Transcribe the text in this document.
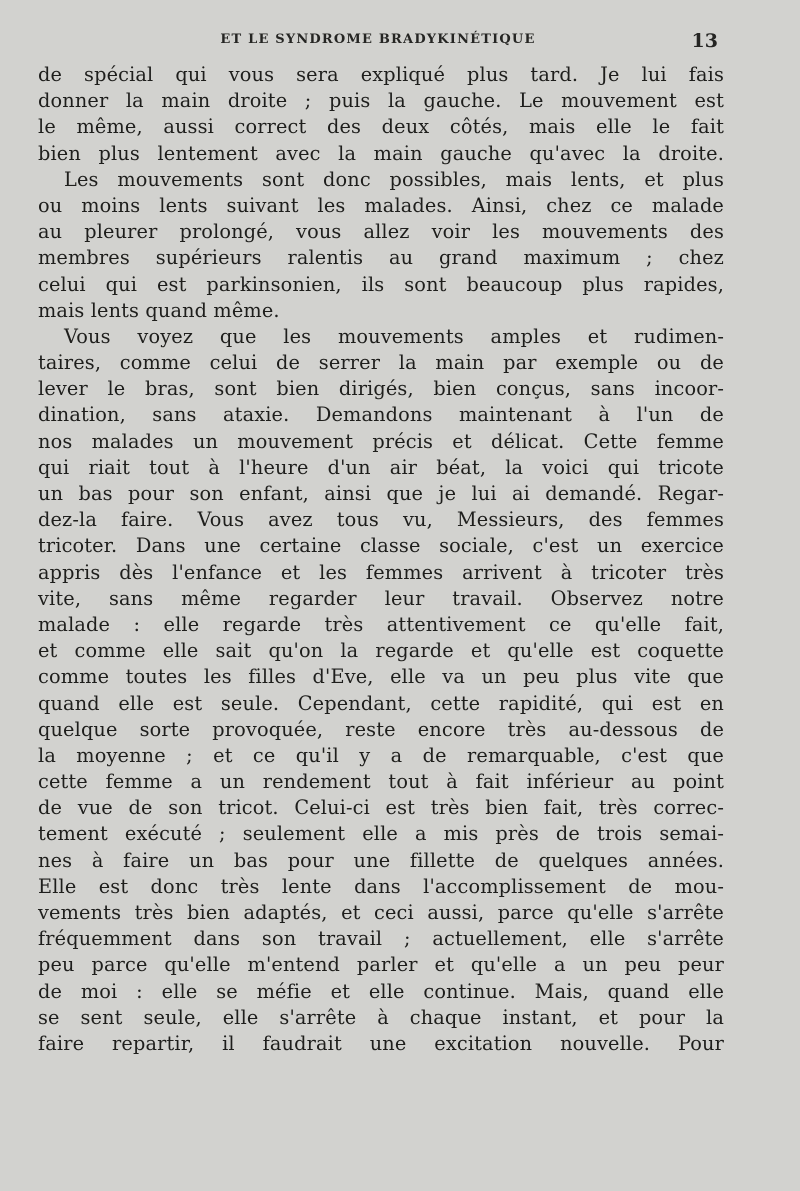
ET LE SYNDROME BRADYKINÉTIQUE	13
de spécial qui vous sera expliqué plus tard. Je lui fais
donner la main droite ; puis la gauche. Le mouvement est
le même, aussi correct des deux côtés, mais elle le fait
bien plus lentement avec la main gauche qu'avec la droite.
Les mouvements sont donc possibles, mais lents, et plus
ou moins lents suivant les malades. Ainsi, chez ce malade
au pleurer prolongé, vous allez voir les mouvements des
membres supérieurs ralentis au grand maximum ; chez
celui qui est parkinsonien, ils sont beaucoup plus rapides,
mais lents quand même.
Vous voyez que les mouvements amples et rudimen-
taires, comme celui de serrer la main par exemple ou de
lever le bras, sont bien dirigés, bien conçus, sans incoor-
dination, sans ataxie. Demandons maintenant à l'un de
nos malades un mouvement précis et délicat. Cette femme
qui riait tout à l'heure d'un air béat, la voici qui tricote
un bas pour son enfant, ainsi que je lui ai demandé. Regar-
dez-la faire. Vous avez tous vu, Messieurs, des femmes
tricoter. Dans une certaine classe sociale, c'est un exercice
appris dès l'enfance et les femmes arrivent à tricoter très
vite, sans même regarder leur travail. Observez notre
malade : elle regarde très attentivement ce qu'elle fait,
et comme elle sait qu'on la regarde et qu'elle est coquette
comme toutes les filles d'Eve, elle va un peu plus vite que
quand elle est seule. Cependant, cette rapidité, qui est en
quelque sorte provoquée, reste encore très au-dessous de
la moyenne ; et ce qu'il y a de remarquable, c'est que
cette femme a un rendement tout à fait inférieur au point
de vue de son tricot. Celui-ci est très bien fait, très correc-
tement exécuté ; seulement elle a mis près de trois semai-
nes à faire un bas pour une fillette de quelques années.
Elle est donc très lente dans l'accomplissement de mou-
vements très bien adaptés, et ceci aussi, parce qu'elle s'arrête
fréquemment dans son travail ; actuellement, elle s'arrête
peu parce qu'elle m'entend parler et qu'elle a un peu peur
de moi : elle se méfie et elle continue. Mais, quand elle
se sent seule, elle s'arrête à chaque instant, et pour la
faire repartir, il faudrait une excitation nouvelle. Pour
